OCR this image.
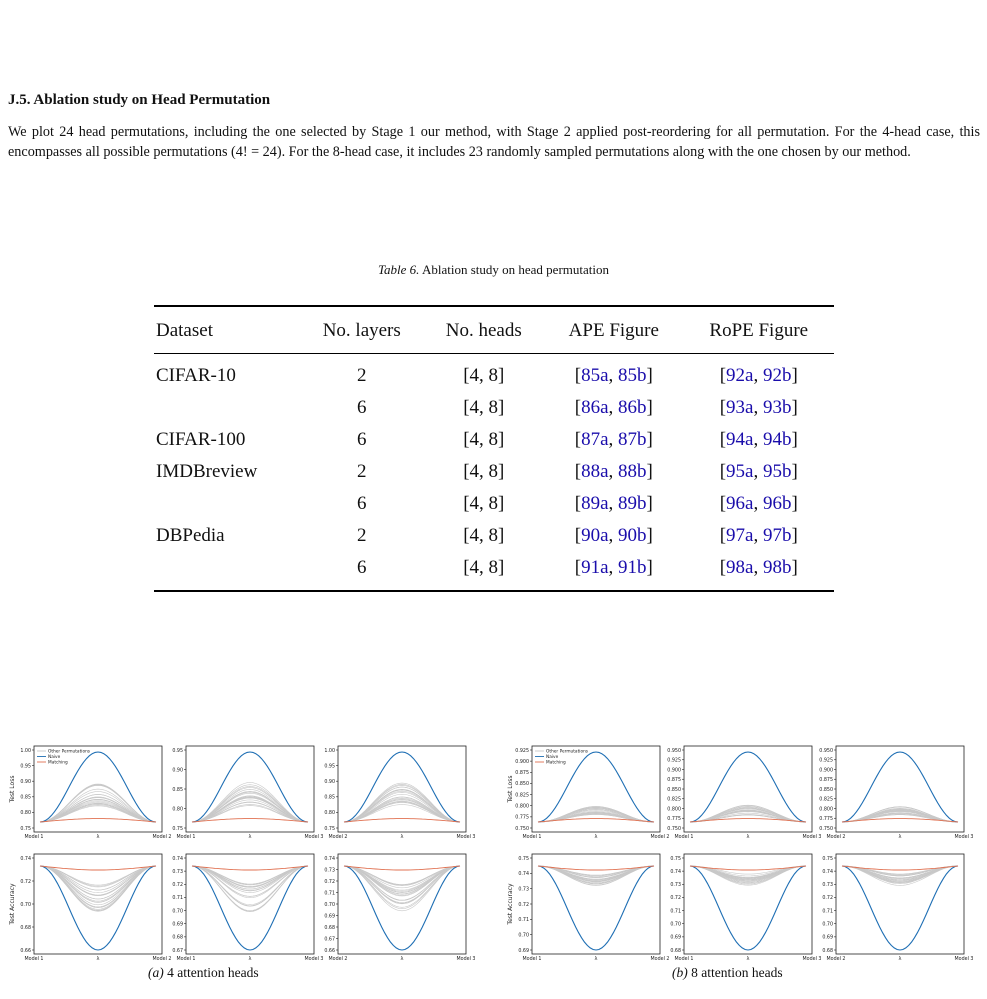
J.5. Ablation study on Head Permutation
We plot 24 head permutations, including the one selected by Stage 1 our method, with Stage 2 applied post-reordering for all permutation. For the 4-head case, this encompasses all possible permutations (4! = 24). For the 8-head case, it includes 23 randomly sampled permutations along with the one chosen by our method.
Table 6. Ablation study on head permutation
Dataset	No. layers	No. heads	APE Figure	RoPE Figure
CIFAR-10	2	[4, 8]	[85a, 85b]	[92a, 92b]
	6	[4, 8]	[86a, 86b]	[93a, 93b]
CIFAR-100	6	[4, 8]	[87a, 87b]	[94a, 94b]
IMDBreview	2	[4, 8]	[88a, 88b]	[95a, 95b]
	6	[4, 8]	[89a, 89b]	[96a, 96b]
DBPedia	2	[4, 8]	[90a, 90b]	[97a, 97b]
	6	[4, 8]	[91a, 91b]	[98a, 98b]
0.75
0.80
0.85
0.90
0.95
1.00
Model 1	Model 2
λ
0.75
0.80
0.85
0.90
0.95
Model 1	Model 3
λ
0.75
0.80
0.85
0.90
0.95
1.00
Model 2	Model 3
λ
Test Loss
0.66
0.68
0.70
0.72
0.74
Model 1	Model 2
λ
0.67
0.68
0.69
0.70
0.71
0.72
0.73
0.74
Model 1	Model 3
λ
0.66
0.67
0.68
0.69
0.70
0.71
0.72
0.73
0.74
Model 2	Model 3
λ
Test Accuracy
Other Permutations
Naive
Matching
0.750
0.775
0.800
0.825
0.850
0.875
0.900
0.925
Model 1	Model 2
λ
0.750
0.775
0.800
0.825
0.850
0.875
0.900
0.925
0.950
Model 1	Model 3
λ
0.750
0.775
0.800
0.825
0.850
0.875
0.900
0.925
0.950
Model 2	Model 3
λ
Test Loss
0.69
0.70
0.71
0.72
0.73
0.74
0.75
Model 1	Model 2
λ
0.68
0.69
0.70
0.71
0.72
0.73
0.74
0.75
Model 1	Model 3
λ
0.68
0.69
0.70
0.71
0.72
0.73
0.74
0.75
Model 2	Model 3
λ
Test Accuracy
Other Permutations
Naive
Matching
(a) 4 attention heads	(b) 8 attention heads
